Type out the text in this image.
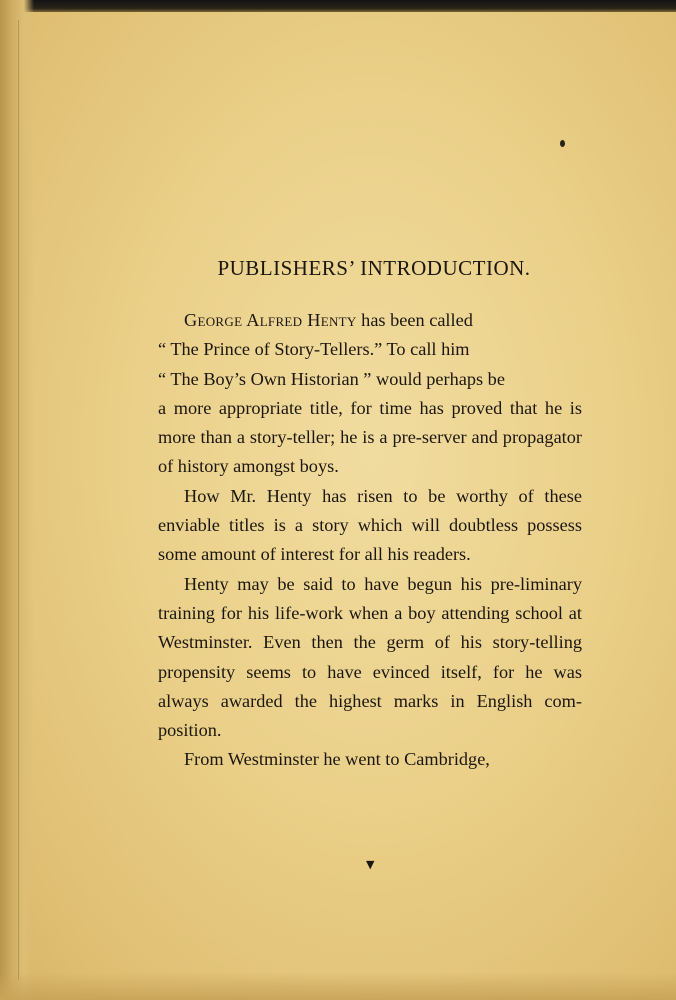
PUBLISHERS’ INTRODUCTION.

George Alfred Henty has been called
“ The Prince of Story-Tellers.” To call him
“ The Boy’s Own Historian ” would perhaps be
a more appropriate title, for time has proved that he is more than a story-teller; he is a pre-server and propagator of history amongst boys.

How Mr. Henty has risen to be worthy of these enviable titles is a story which will doubtless possess some amount of interest for all his readers.

Henty may be said to have begun his pre-liminary training for his life-work when a boy attending school at Westminster. Even then the germ of his story-telling propensity seems to have evinced itself, for he was always awarded the highest marks in English com-position.

From Westminster he went to Cambridge,

▼
